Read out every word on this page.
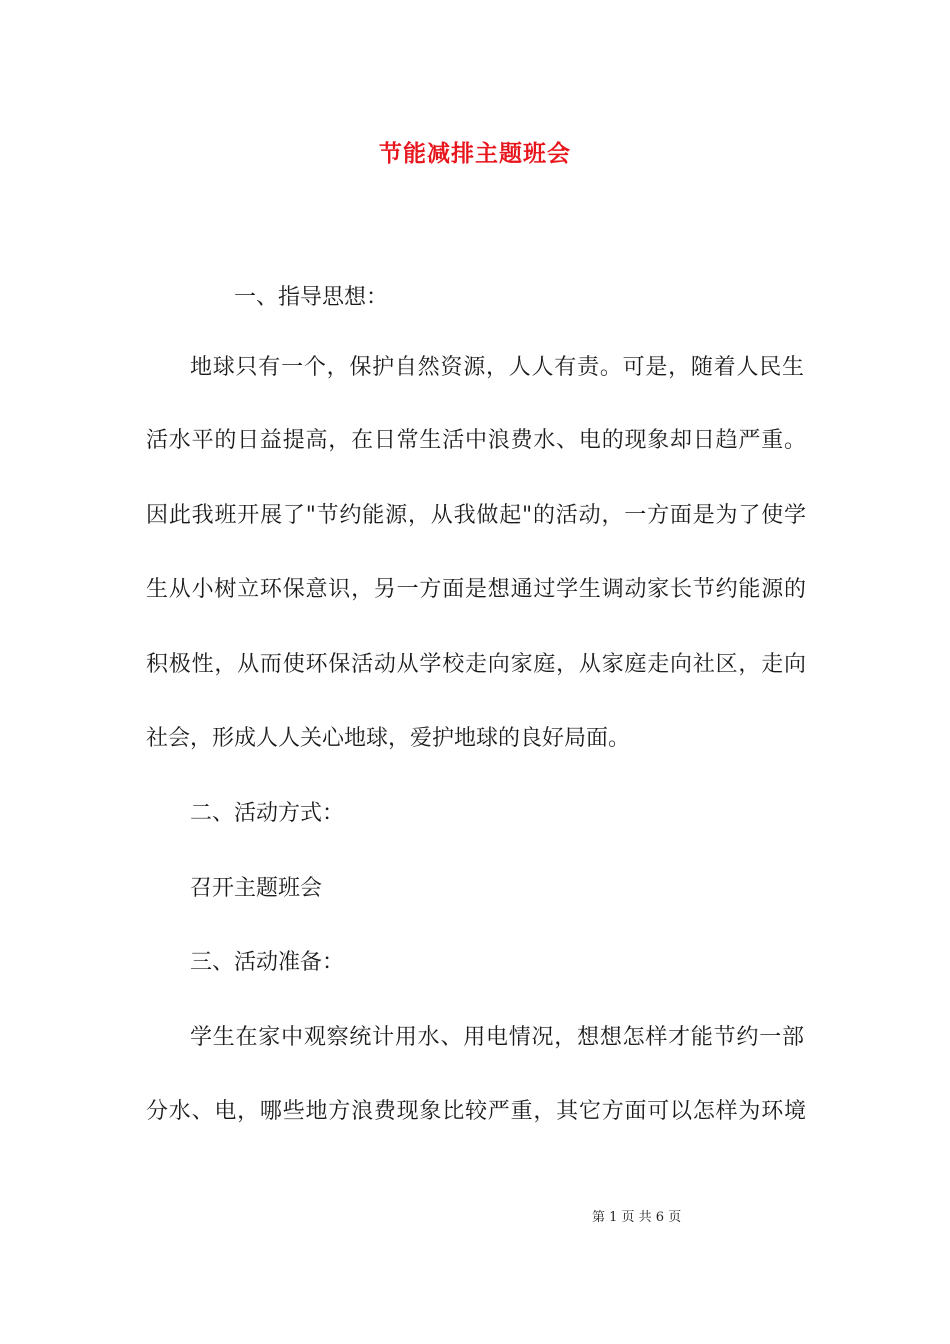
节能减排主题班会
一、指导思想：
地球只有一个，保护自然资源，人人有责。可是，随着人民生
活水平的日益提高，在日常生活中浪费水、电的现象却日趋严重。
因此我班开展了"节约能源，从我做起"的活动，一方面是为了使学
生从小树立环保意识，另一方面是想通过学生调动家长节约能源的
积极性，从而使环保活动从学校走向家庭，从家庭走向社区，走向
社会，形成人人关心地球，爱护地球的良好局面。
二、活动方式：
召开主题班会
三、活动准备：
学生在家中观察统计用水、用电情况，想想怎样才能节约一部
分水、电，哪些地方浪费现象比较严重，其它方面可以怎样为环境
第 1 页 共 6 页
